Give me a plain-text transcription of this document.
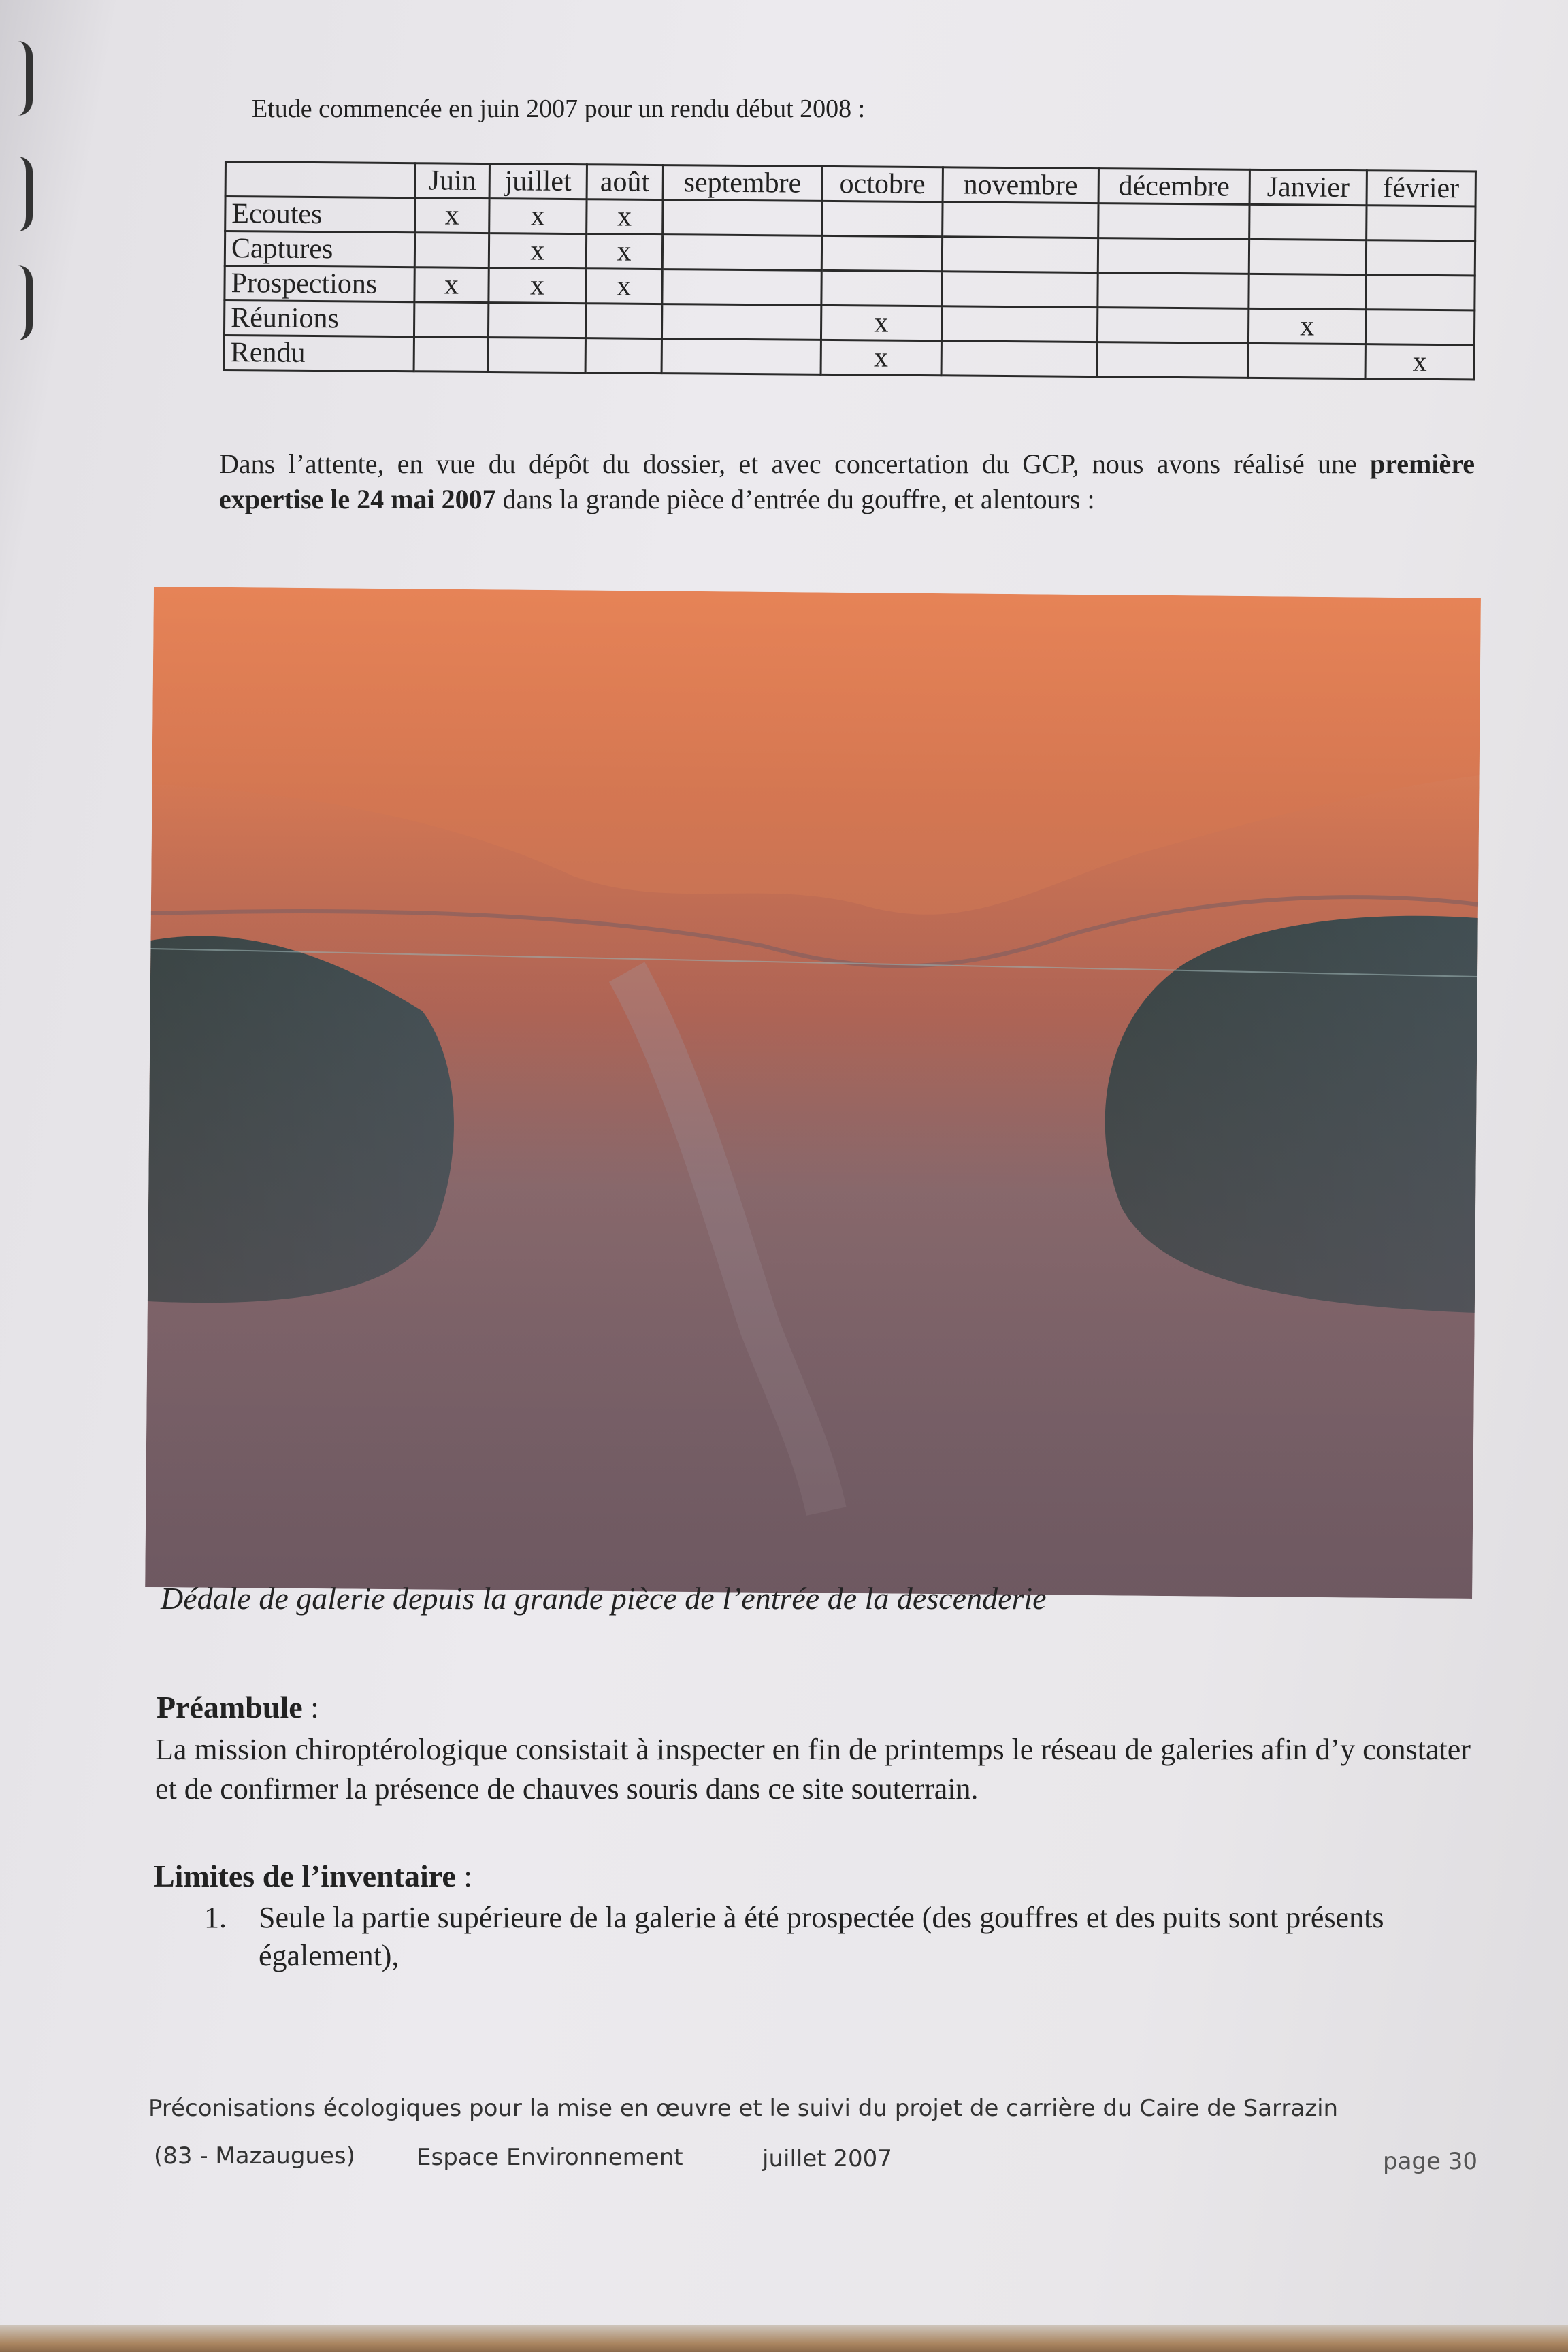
Etude commencée en juin 2007 pour un rendu début 2008 :
	Juin	juillet	août	septembre	octobre	novembre	décembre	Janvier	février
Ecoutes	x	x	x						
Captures		x	x						
Prospections	x	x	x						
Réunions					x			x	
Rendu					x				x
Dans l’attente, en vue du dépôt du dossier, et avec concertation du GCP, nous avons réalisé une première expertise le 24 mai 2007 dans la grande pièce d’entrée du gouffre, et alentours :
Dédale de galerie depuis la grande pièce de l’entrée de la descenderie
Préambule :
La mission chiroptérologique consistait à inspecter en fin de printemps le réseau de galeries afin d’y constater et de confirmer la présence de chauves souris dans ce site souterrain.
Limites de l’inventaire :
1. Seule la partie supérieure de la galerie à été prospectée (des gouffres et des puits sont présents également),
Préconisations écologiques pour la mise en œuvre et le suivi du projet de carrière du Caire de Sarrazin
(83 - Mazaugues)	Espace Environnement	juillet 2007	page 30
